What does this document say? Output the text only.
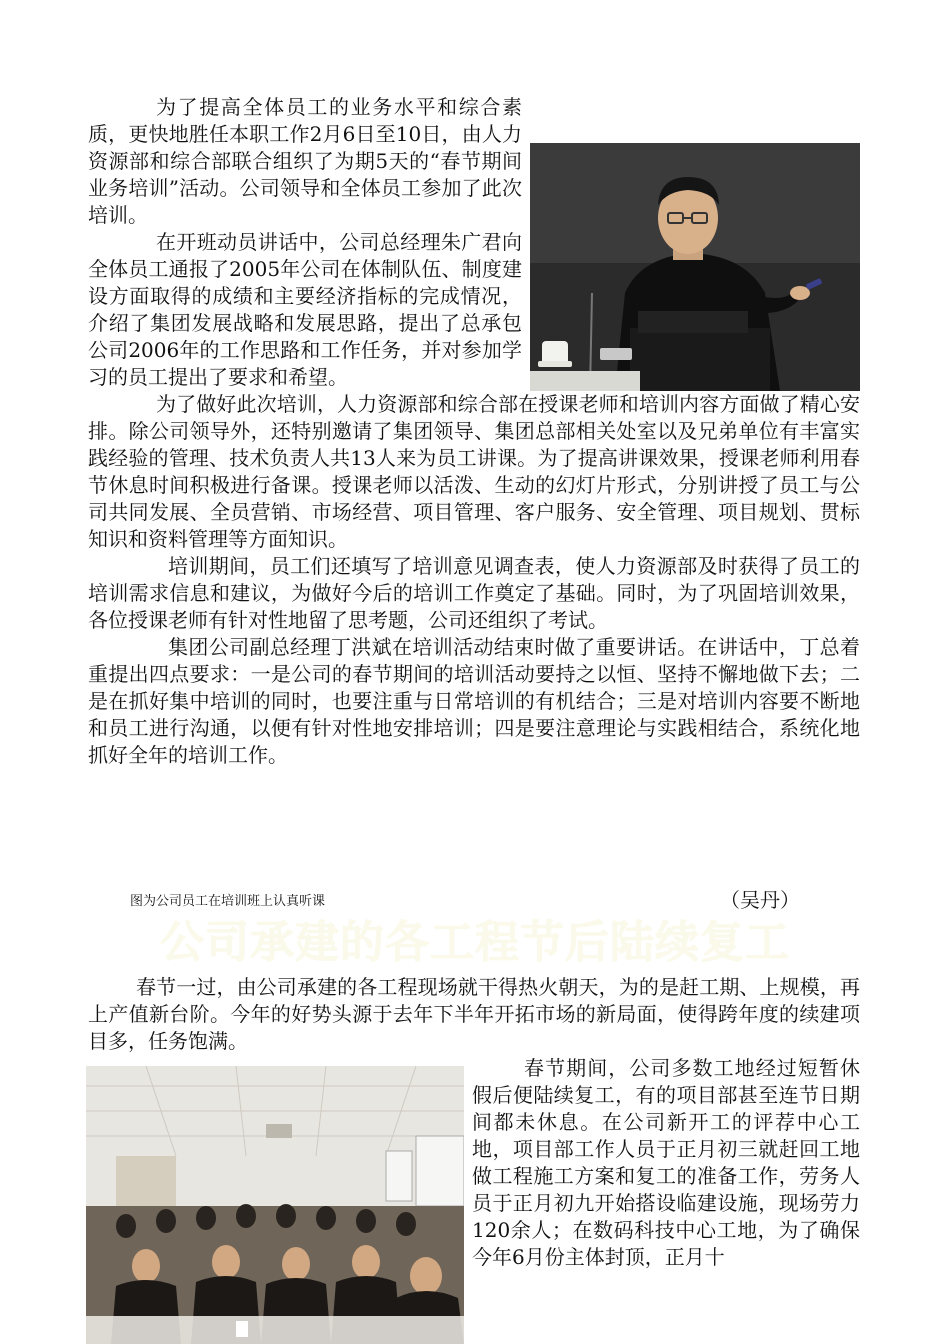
为了提高全体员工的业务水平和综合素质，更快地胜任本职工作2月6日至10日，由人力资源部和综合部联合组织了为期5天的“春节期间业务培训”活动。公司领导和全体员工参加了此次培训。

在开班动员讲话中，公司总经理朱广君向全体员工通报了2005年公司在体制队伍、制度建设方面取得的成绩和主要经济指标的完成情况，介绍了集团发展战略和发展思路，提出了总承包公司2006年的工作思路和工作任务，并对参加学习的员工提出了要求和希望。

为了做好此次培训，人力资源部和综合部在授课老师和培训内容方面做了精心安排。除公司领导外，还特别邀请了集团领导、集团总部相关处室以及兄弟单位有丰富实践经验的管理、技术负责人共13人来为员工讲课。为了提高讲课效果，授课老师利用春节休息时间积极进行备课。授课老师以活泼、生动的幻灯片形式，分别讲授了员工与公司共同发展、全员营销、市场经营、项目管理、客户服务、安全管理、项目规划、贯标知识和资料管理等方面知识。

培训期间，员工们还填写了培训意见调查表，使人力资源部及时获得了员工的培训需求信息和建议，为做好今后的培训工作奠定了基础。同时，为了巩固培训效果，各位授课老师有针对性地留了思考题，公司还组织了考试。

集团公司副总经理丁洪斌在培训活动结束时做了重要讲话。在讲话中，丁总着重提出四点要求：一是公司的春节期间的培训活动要持之以恒、坚持不懈地做下去；二是在抓好集中培训的同时，也要注重与日常培训的有机结合；三是对培训内容要不断地和员工进行沟通，以便有针对性地安排培训；四是要注意理论与实践相结合，系统化地抓好全年的培训工作。

图为公司员工在培训班上认真听课	（吴丹）
公司承建的各工程节后陆续复工

春节一过，由公司承建的各工程现场就干得热火朝天，为的是赶工期、上规模，再上产值新台阶。今年的好势头源于去年下半年开拓市场的新局面，使得跨年度的续建项目多，任务饱满。

春节期间，公司多数工地经过短暂休假后便陆续复工，有的项目部甚至连节日期间都未休息。在公司新开工的评荐中心工地，项目部工作人员于正月初三就赶回工地做工程施工方案和复工的准备工作，劳务人员于正月初九开始搭设临建设施，现场劳力120余人；在数码科技中心工地，为了确保今年6月份主体封顶，正月十
